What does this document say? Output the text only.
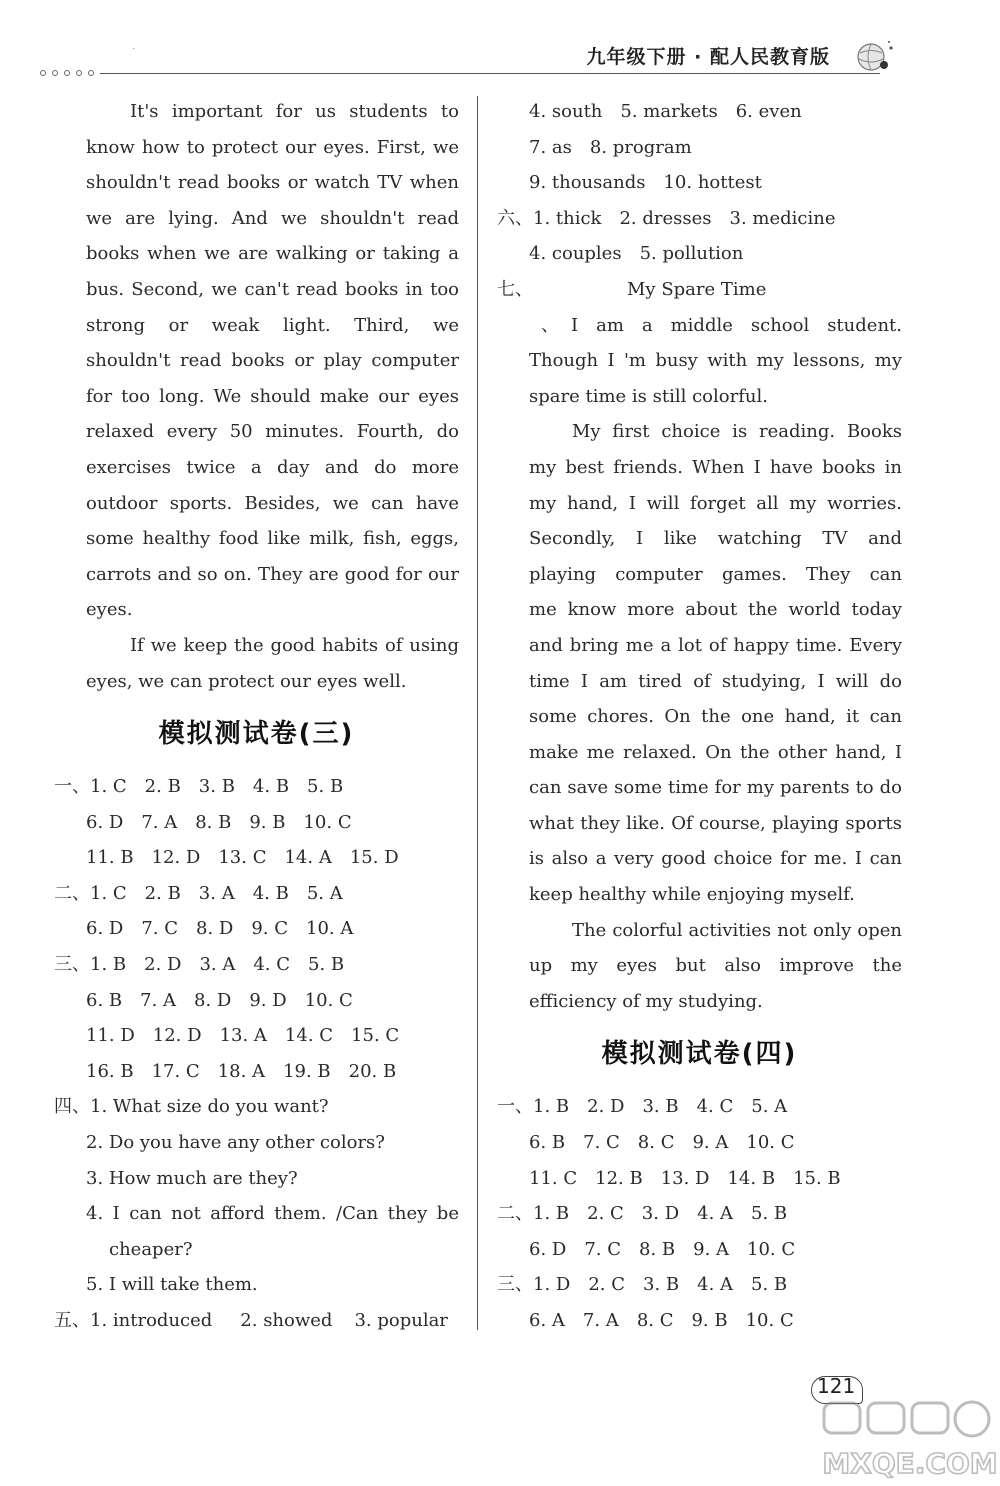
·	九年级下册 · 配人民教育版
It's important for us students to
know how to protect our eyes. First, we
shouldn't read books or watch TV when
we are lying. And we shouldn't read
books when we are walking or taking a
bus. Second, we can't read books in too
strong or weak light. Third, we
shouldn't read books or play computer
for too long. We should make our eyes
relaxed every 50 minutes. Fourth, do
exercises twice a day and do more
outdoor sports. Besides, we can have
some healthy food like milk, fish, eggs,
carrots and so on. They are good for our
eyes.
If we keep the good habits of using
eyes, we can protect our eyes well.
模拟测试卷(三)
一、1. C 2. B 3. B 4. B 5. B
6. D 7. A 8. B 9. B 10. C
11. B 12. D 13. C 14. A 15. D
二、1. C 2. B 3. A 4. B 5. A
6. D 7. C 8. D 9. C 10. A
三、1. B 2. D 3. A 4. C 5. B
6. B 7. A 8. D 9. D 10. C
11. D 12. D 13. A 14. C 15. C
16. B 17. C 18. A 19. B 20. B
四、1. What size do you want?
2. Do you have any other colors?
3. How much are they?
4. I can not afford them. /Can they be
cheaper?
5. I will take them.
五、1. introduced 2. showed 3. popular
4. south 5. markets 6. even
7. as 8. program
9. thousands 10. hottest
六、1. thick 2. dresses 3. medicine
4. couples 5. pollution
七、	My Spare Time
、 I am a middle school student.
Though I 'm busy with my lessons, my
spare time is still colorful.
My first choice is reading. Books
my best friends. When I have books in
my hand, I will forget all my worries.
Secondly, I like watching TV and
playing computer games. They can
me know more about the world today
and bring me a lot of happy time. Every
time I am tired of studying, I will do
some chores. On the one hand, it can
make me relaxed. On the other hand, I
can save some time for my parents to do
what they like. Of course, playing sports
is also a very good choice for me. I can
keep healthy while enjoying myself.
The colorful activities not only open
up my eyes but also improve the
efficiency of my studying.
模拟测试卷(四)
一、1. B 2. D 3. B 4. C 5. A
6. B 7. C 8. C 9. A 10. C
11. C 12. B 13. D 14. B 15. B
二、1. B 2. C 3. D 4. A 5. B
6. D 7. C 8. B 9. A 10. C
三、1. D 2. C 3. B 4. A 5. B
6. A 7. A 8. C 9. B 10. C
121
MXQE.COM
